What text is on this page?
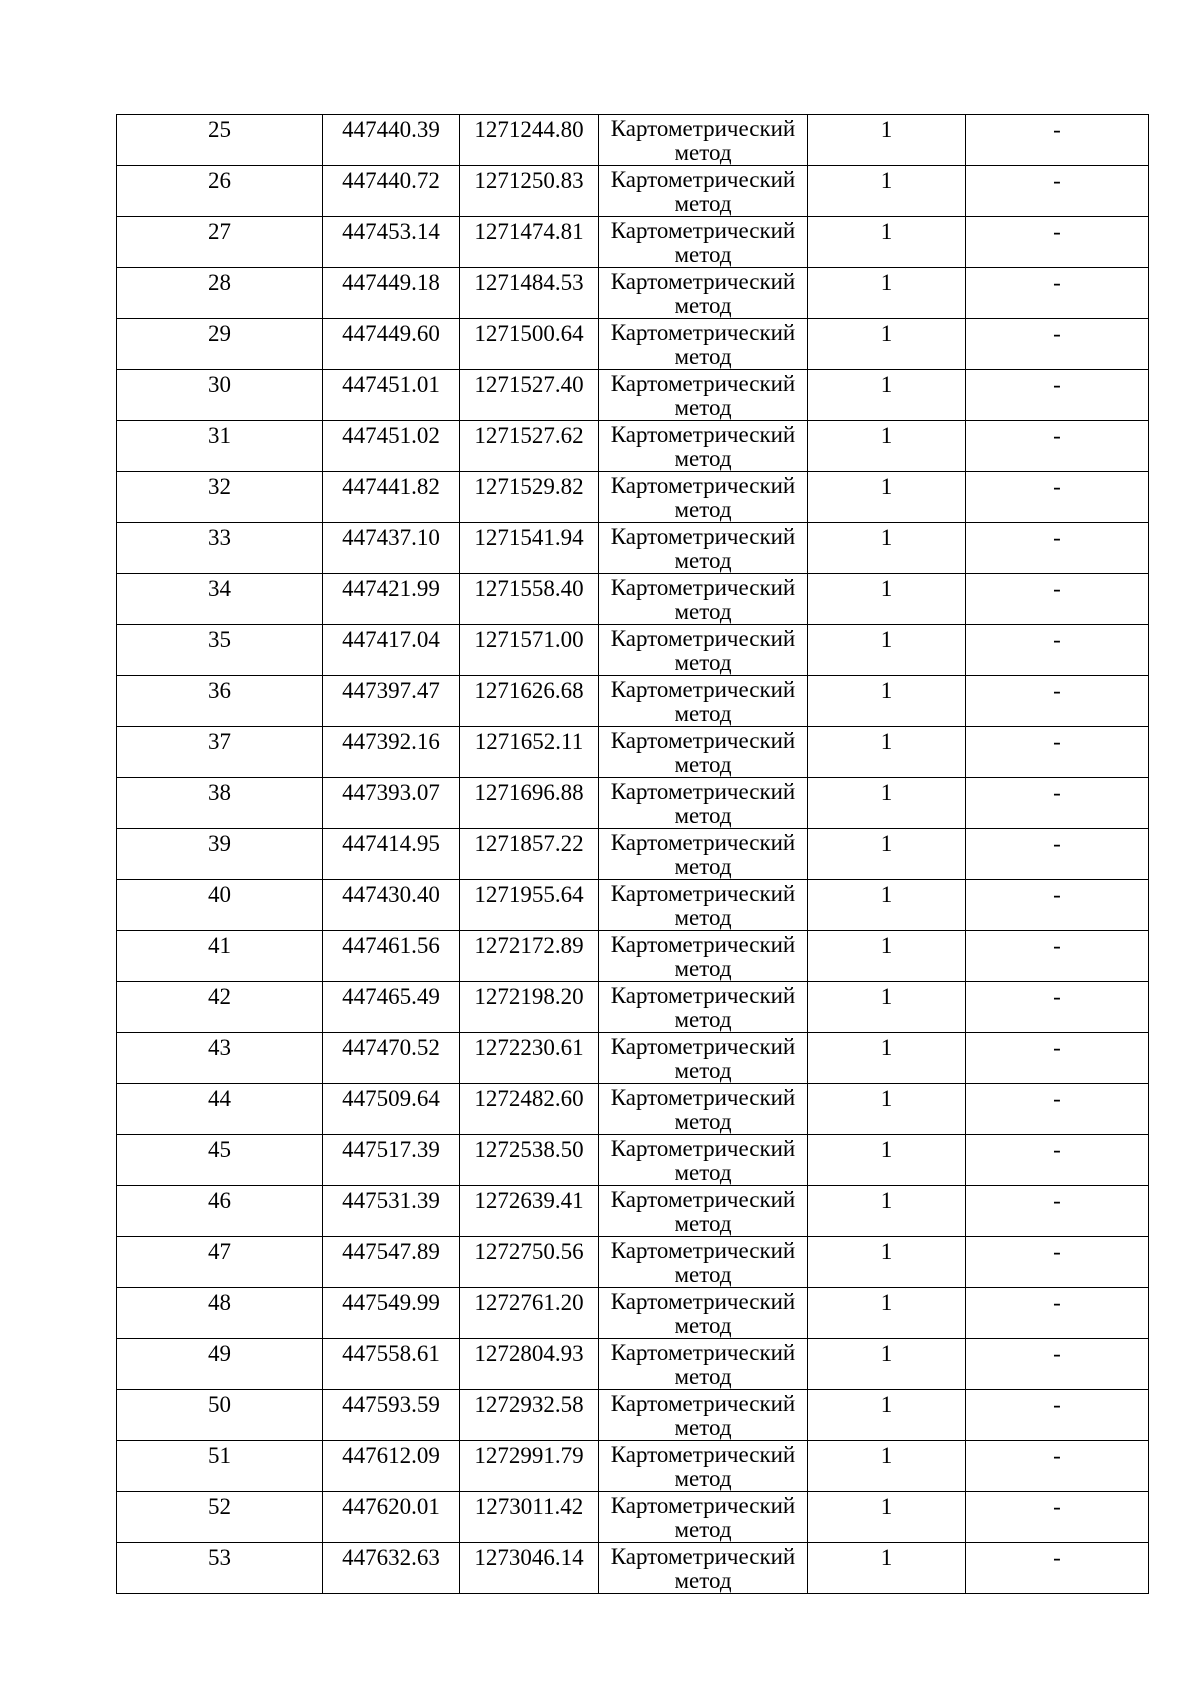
25	447440.39	1271244.80	Картометрический метод	1	-

26	447440.72	1271250.83	Картометрический метод	1	-

27	447453.14	1271474.81	Картометрический метод	1	-

28	447449.18	1271484.53	Картометрический метод	1	-

29	447449.60	1271500.64	Картометрический метод	1	-

30	447451.01	1271527.40	Картометрический метод	1	-

31	447451.02	1271527.62	Картометрический метод	1	-

32	447441.82	1271529.82	Картометрический метод	1	-

33	447437.10	1271541.94	Картометрический метод	1	-

34	447421.99	1271558.40	Картометрический метод	1	-

35	447417.04	1271571.00	Картометрический метод	1	-

36	447397.47	1271626.68	Картометрический метод	1	-

37	447392.16	1271652.11	Картометрический метод	1	-

38	447393.07	1271696.88	Картометрический метод	1	-

39	447414.95	1271857.22	Картометрический метод	1	-

40	447430.40	1271955.64	Картометрический метод	1	-

41	447461.56	1272172.89	Картометрический метод	1	-

42	447465.49	1272198.20	Картометрический метод	1	-

43	447470.52	1272230.61	Картометрический метод	1	-

44	447509.64	1272482.60	Картометрический метод	1	-

45	447517.39	1272538.50	Картометрический метод	1	-

46	447531.39	1272639.41	Картометрический метод	1	-

47	447547.89	1272750.56	Картометрический метод	1	-

48	447549.99	1272761.20	Картометрический метод	1	-

49	447558.61	1272804.93	Картометрический метод	1	-

50	447593.59	1272932.58	Картометрический метод	1	-

51	447612.09	1272991.79	Картометрический метод	1	-

52	447620.01	1273011.42	Картометрический метод	1	-

53	447632.63	1273046.14	Картометрический метод	1	-
